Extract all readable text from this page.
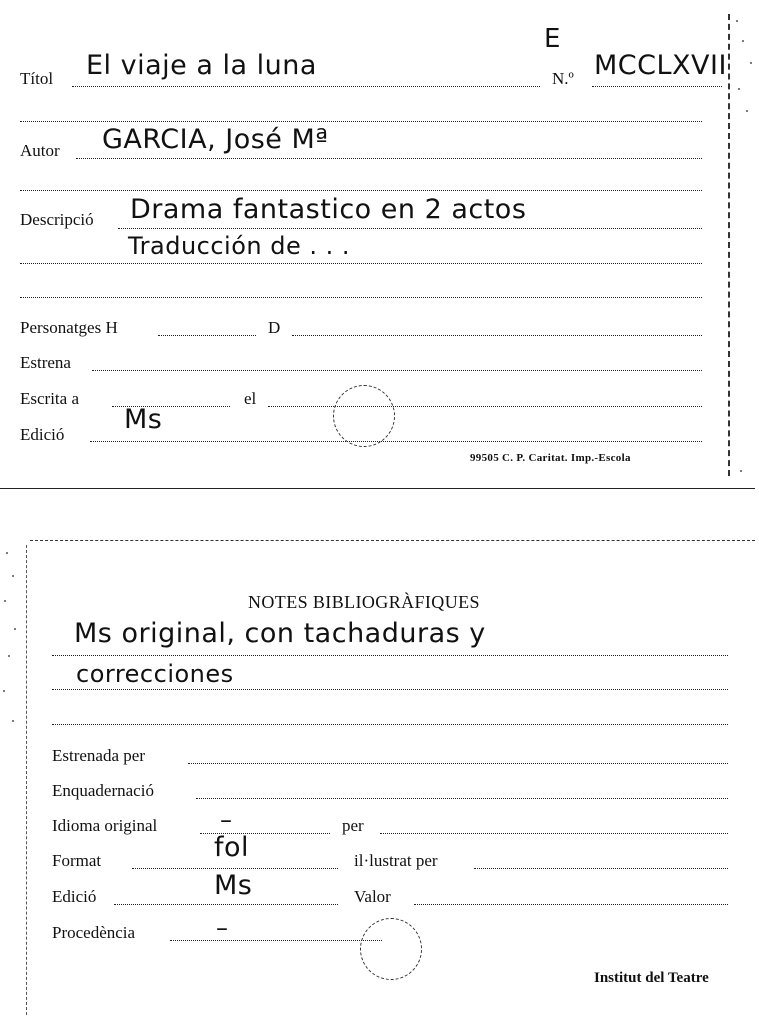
Títol El viaje a la luna	N.º MCCLXVII
E
Autor GARCIA, José Mª
Descripció Drama fantastico en 2 actos
Traducción de . . .
Personatges H	D
Estrena
Escrita a	el
Edició Ms
99505 C. P. Caritat. Imp.-Escola
NOTES BIBLIOGRÀFIQUES
Ms original, con tachaduras y
correcciones
Estrenada per
Enquadernació
Idioma original	–	per
Format	fol	il·lustrat per
Edició	Ms	Valor
Procedència	–
Institut del Teatre
